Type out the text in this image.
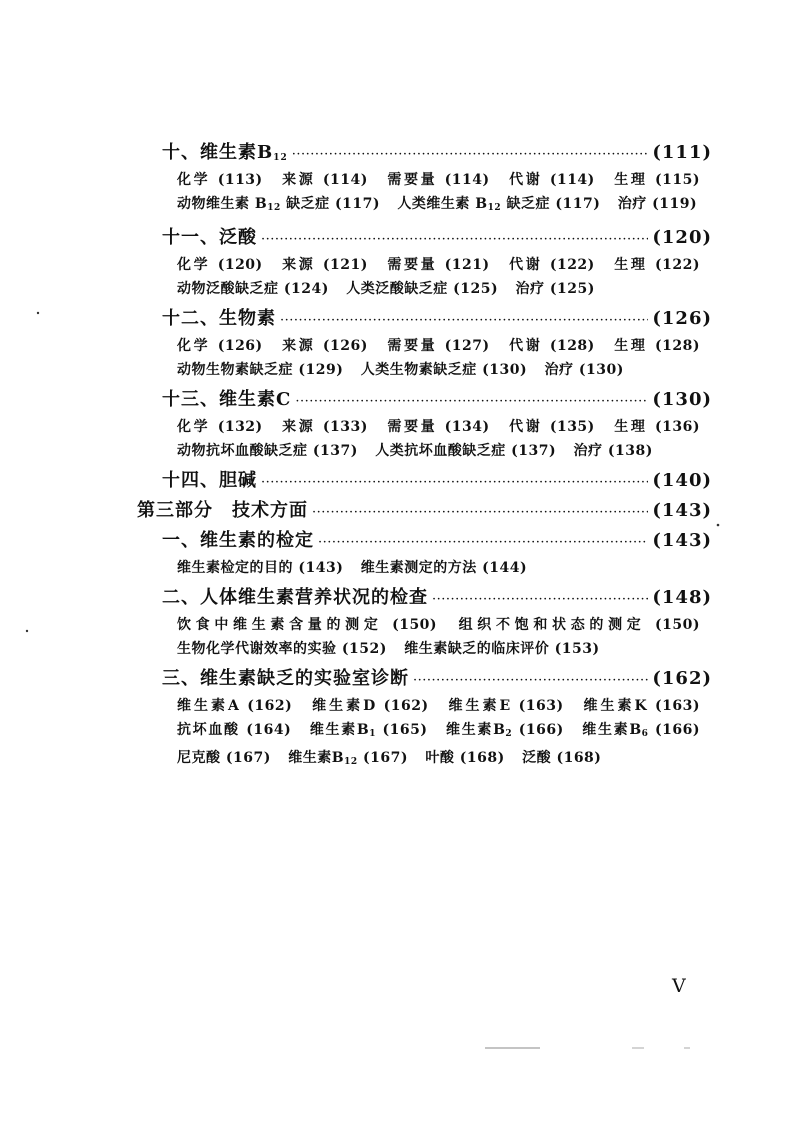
十、维生素$B_{12}$ ·····	(111)
化学 (113) 来源 (114) 需要量 (114) 代谢 (114) 生理 (115) 动物维生素 $B_{12}$ 缺乏症 (117) 人类维生素 $B_{12}$ 缺乏症 (117) 治疗 (119)
十一、泛酸 ·····	(120)
化学 (120) 来源 (121) 需要量 (121) 代谢 (122) 生理 (122) 动物泛酸缺乏症 (124) 人类泛酸缺乏症 (125) 治疗 (125)
十二、生物素 ·····	(126)
化学 (126) 来源 (126) 需要量 (127) 代谢 (128) 生理 (128) 动物生物素缺乏症 (129) 人类生物素缺乏症 (130) 治疗 (130)
十三、维生素C ·····	(130)
化学 (132) 来源 (133) 需要量 (134) 代谢 (135) 生理 (136) 动物抗坏血酸缺乏症 (137) 人类抗坏血酸缺乏症 (137) 治疗 (138)
十四、胆碱 ·····	(140)
第三部分　技术方面 ·····	(143)
一、维生素的检定 ·····	(143)
维生素检定的目的 (143) 维生素测定的方法 (144)
二、人体维生素营养状况的检查 ·····	(148)
饮食中维生素含量的测定 (150) 组织不饱和状态的测定 (150) 生物化学代谢效率的实验 (152) 维生素缺乏的临床评价 (153)
三、维生素缺乏的实验室诊断 ·····	(162)
维生素A (162) 维生素D (162) 维生素E (163) 维生素K (163) 抗坏血酸 (164) 维生素$B_1$ (165) 维生素$B_2$ (166) 维生素$B_6$ (166) 尼克酸 (167) 维生素$B_{12}$ (167) 叶酸 (168) 泛酸 (168)
V
